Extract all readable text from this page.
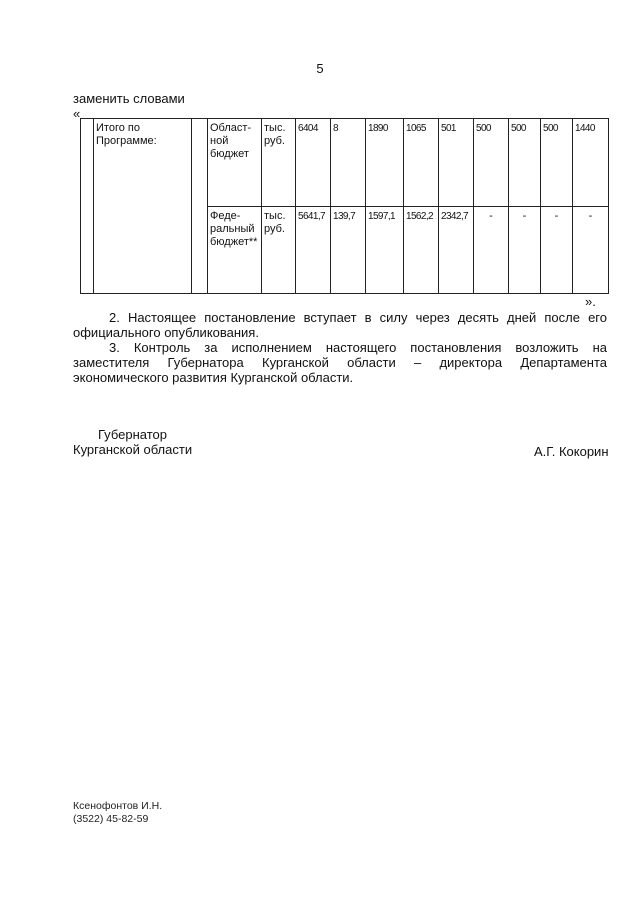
5
заменить словами
«
	Итого по Программе:		Област-ной бюджет	тыс. руб.	6404	8	1890	1065	501	500	500	500	1440
			Феде-ральный бюджет**	тыс. руб.	5641,7	139,7	1597,1	1562,2	2342,7	-	-	-	-
».

2. Настоящее постановление вступает в силу через десять дней после его официального опубликования.

3. Контроль за исполнением настоящего постановления возложить на заместителя Губернатора Курганской области – директора Департамента экономического развития Курганской области.

Губернатор
Курганской области	А.Г. Кокорин
Ксенофонтов И.Н.
(3522) 45-82-59
